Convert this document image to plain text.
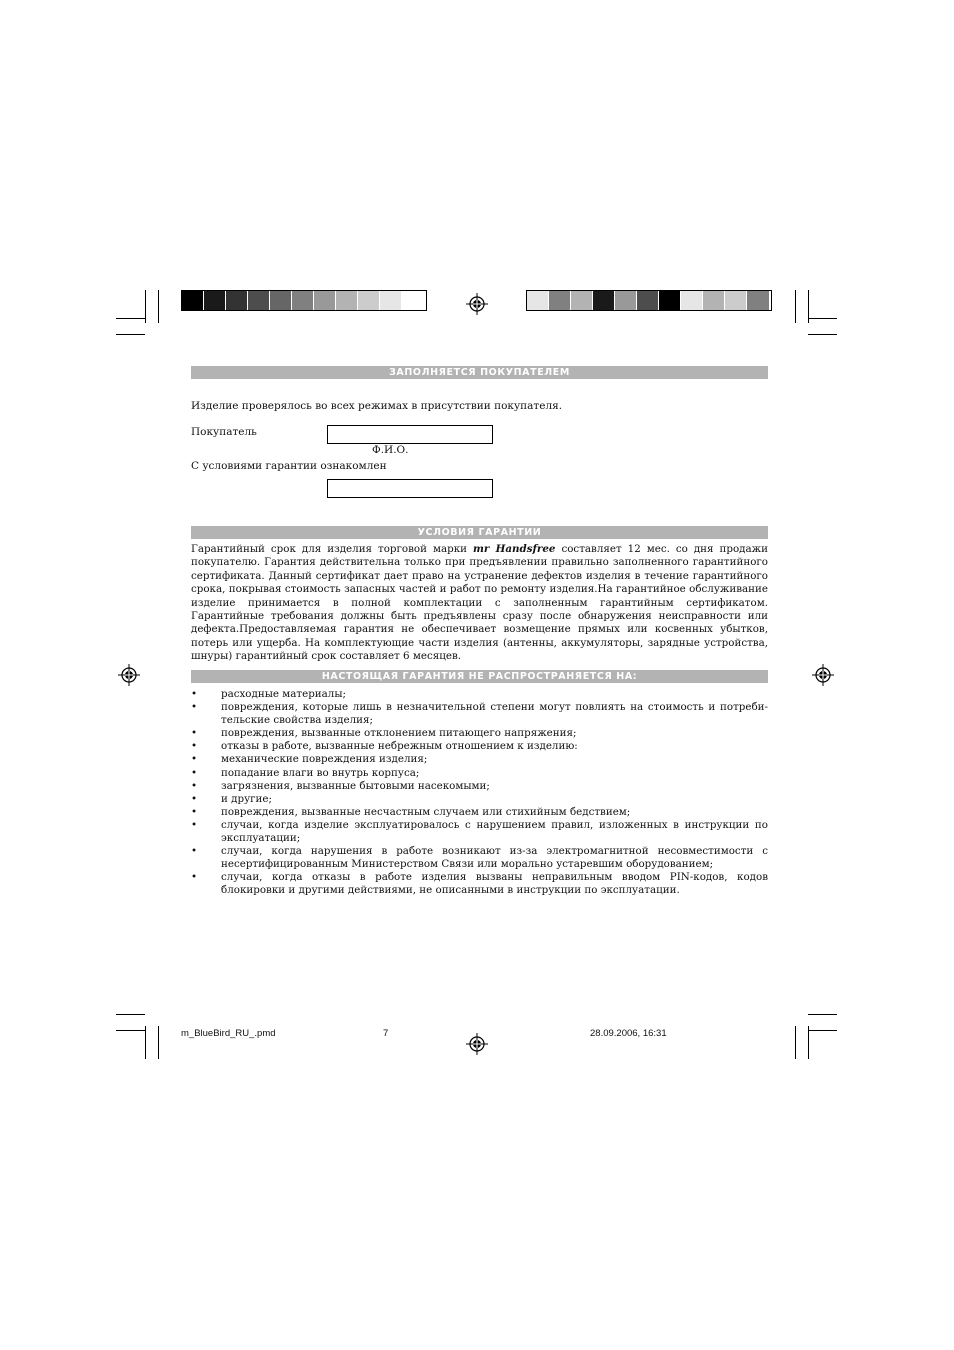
ЗАПОЛНЯЕТСЯ ПОКУПАТЕЛЕМ
Изделие проверялось во всех режимах в присутствии покупателя.
Покупатель
Ф.И.О.
С условиями гарантии ознакомлен
УСЛОВИЯ ГАРАНТИИ
Гарантийный срок для изделия торговой марки mr Handsfree составляет 12 мес. со дня продажи покупателю. Гарантия действительна только при предъявлении правильно заполненного гарантийного сертификата. Данный сертификат дает право на устранение дефектов изделия в течение гарантийного срока, покрывая стоимость запасных частей и работ по ремонту изделия.На гарантийное обслуживание изделие принимается в полной комплектации с заполненным гарантийным сертификатом. Гарантийные требования должны быть предъявлены сразу после обнаружения неисправности или дефекта.Предоставляемая гарантия не обеспечивает возмещение прямых или косвенных убытков, потерь или ущерба. На комплектующие части изделия (антенны, аккумуляторы, зарядные устройства, шнуры) гарантийный срок составляет 6 месяцев.
НАСТОЯЩАЯ ГАРАНТИЯ НЕ РАСПРОСТРАНЯЕТСЯ НА:
• расходные материалы;
• повреждения, которые лишь в незначительной степени могут повлиять на стоимость и потреби-тельские свойства изделия;
• повреждения, вызванные отклонением питающего напряжения;
• отказы в работе, вызванные небрежным отношением к изделию:
• механические повреждения изделия;
• попадание влаги во внутрь корпуса;
• загрязнения, вызванные бытовыми насекомыми;
• и другие;
• повреждения, вызванные несчастным случаем или стихийным бедствием;
• случаи, когда изделие эксплуатировалось с нарушением правил, изложенных в инструкции по эксплуатации;
• случаи, когда нарушения в работе возникают из-за электромагнитной несовместимости с несертифицированным Министерством Связи или морально устаревшим оборудованием;
• случаи, когда отказы в работе изделия вызваны неправильным вводом PIN-кодов, кодов блокировки и другими действиями, не описанными в инструкции по эксплуатации.
m_BlueBird_RU_.pmd	7	28.09.2006, 16:31
